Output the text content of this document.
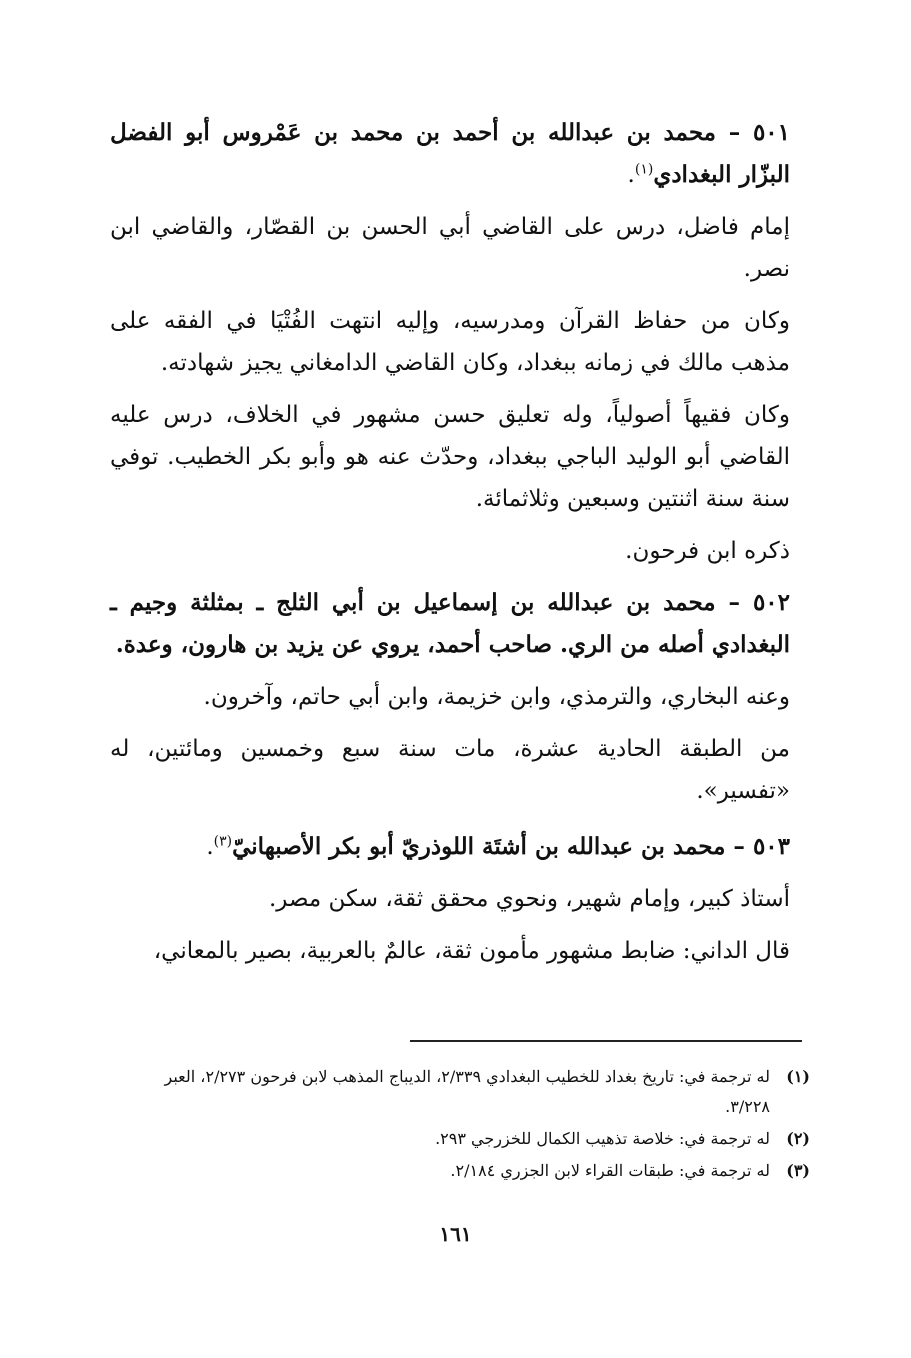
٥٠١ – محمد بن عبدالله بن أحمد بن محمد بن عَمْروس أبو الفضل البزّار البغدادي$^{(١)}$.

إمام فاضل، درس على القاضي أبي الحسن بن القصّار، والقاضي ابن نصر.

وكان من حفاظ القرآن ومدرسيه، وإليه انتهت الفُتْيَا في الفقه على مذهب مالك في زمانه ببغداد، وكان القاضي الدامغاني يجيز شهادته.

وكان فقيهاً أصولياً، وله تعليق حسن مشهور في الخلاف، درس عليه القاضي أبو الوليد الباجي ببغداد، وحدّث عنه هو وأبو بكر الخطيب. توفي سنة سنة اثنتين وسبعين وثلاثمائة.

ذكره ابن فرحون.

٥٠٢ – محمد بن عبدالله بن إسماعيل بن أبي الثلج ـ بمثلثة وجيم ـ البغدادي أصله من الري. صاحب أحمد، يروي عن يزيد بن هارون، وعدة.

وعنه البخاري، والترمذي، وابن خزيمة، وابن أبي حاتم، وآخرون.

من الطبقة الحادية عشرة، مات سنة سبع وخمسين ومائتين، له «تفسير».

٥٠٣ – محمد بن عبدالله بن أشتَة اللوذريّ أبو بكر الأصبهانيّ$^{(٣)}$.

أستاذ كبير، وإمام شهير، ونحوي محقق ثقة، سكن مصر.

قال الداني: ضابط مشهور مأمون ثقة، عالمٌ بالعربية، بصير بالمعاني،

(١)
له ترجمة في: تاريخ بغداد للخطيب البغدادي ٢/٣٣٩، الديباج المذهب لابن فرحون ٢/٢٧٣، العبر ٣/٢٢٨.
(٢)
له ترجمة في: خلاصة تذهيب الكمال للخزرجي ٢٩٣.
(٣)
له ترجمة في: طبقات القراء لابن الجزري ٢/١٨٤.
١٦١
